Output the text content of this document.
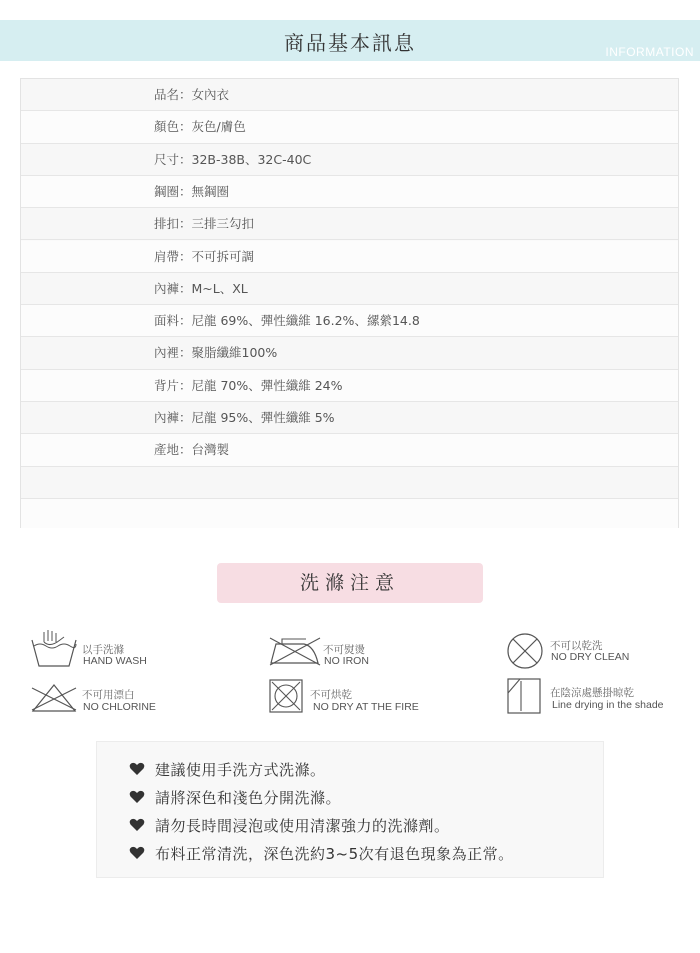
商品基本訊息	INFORMATION
品名：女內衣
顏色：灰色/膚色
尺寸：32B-38B、32C-40C
鋼圈：無鋼圈
排扣：三排三勾扣
肩帶：不可拆可調
內褲：M~L、XL
面料：尼龍 69%、彈性纖維 16.2%、縲縈14.8
內裡：聚脂纖維100%
背片：尼龍 70%、彈性纖維 24%
內褲：尼龍 95%、彈性纖維 5%
產地：台灣製
洗滌注意
以手洗滌
HAND WASH
不可熨燙
NO IRON
不可以乾洗
NO DRY CLEAN
不可用漂白
NO CHLORINE
不可烘乾
NO DRY AT THE FIRE
在陰涼處懸掛晾乾
Line drying in the shade
建議使用手洗方式洗滌。
請將深色和淺色分開洗滌。
請勿長時間浸泡或使用清潔強力的洗滌劑。
布料正常清洗，深色洗約3~5次有退色現象為正常。
